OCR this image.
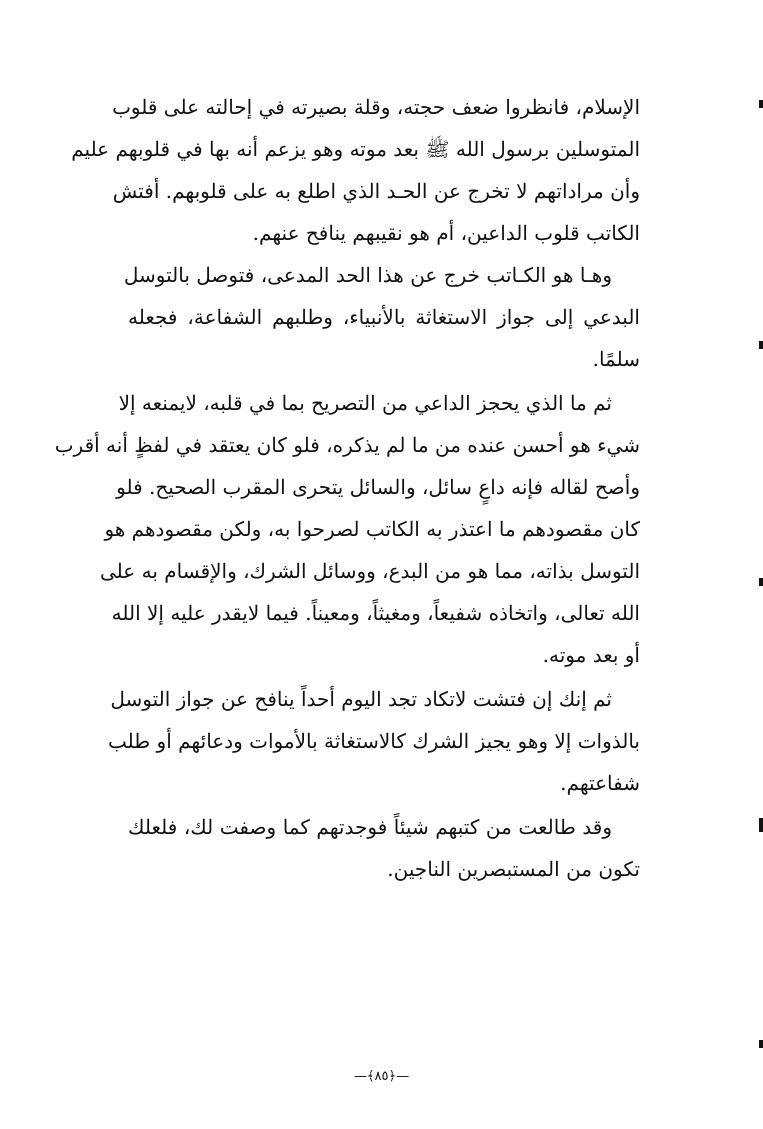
الإسلام، فانظروا ضعف حجته، وقلة بصيرته في إحالته على قلوب
المتوسلين برسول الله ﷺ بعد موته وهو يزعم أنه بها في قلوبهم عليم
وأن مراداتهم لا تخرج عن الحـد الذي اطلع به على قلوبهم. أفتش
الكاتب قلوب الداعين، أم هو نقيبهم ينافح عنهم.
وهـا هو الكـاتب خرج عن هذا الحد المدعى، فتوصل بالتوسل
البدعي إلى جواز الاستغاثة بالأنبياء، وطلبهم الشفاعة، فجعله
سلمًا.
ثم ما الذي يحجز الداعي من التصريح بما في قلبه، لايمنعه إلا
شيء هو أحسن عنده من ما لم يذكره، فلو كان يعتقد في لفظٍ أنه أقرب
وأصح لقاله فإنه داعٍ سائل، والسائل يتحرى المقرب الصحيح. فلو
كان مقصودهم ما اعتذر به الكاتب لصرحوا به، ولكن مقصودهم هو
التوسل بذاته، مما هو من البدع، ووسائل الشرك، والإقسام به على
الله تعالى، واتخاذه شفيعاً، ومغيثاً، ومعيناً. فيما لايقدر عليه إلا الله
أو بعد موته.
ثم إنك إن فتشت لاتكاد تجد اليوم أحداً ينافح عن جواز التوسل
بالذوات إلا وهو يجيز الشرك كالاستغاثة بالأموات ودعائهم أو طلب
شفاعتهم.
وقد طالعت من كتبهم شيئاً فوجدتهم كما وصفت لك، فلعلك
تكون من المستبصرين الناجين.
—﴿٨٥﴾—
